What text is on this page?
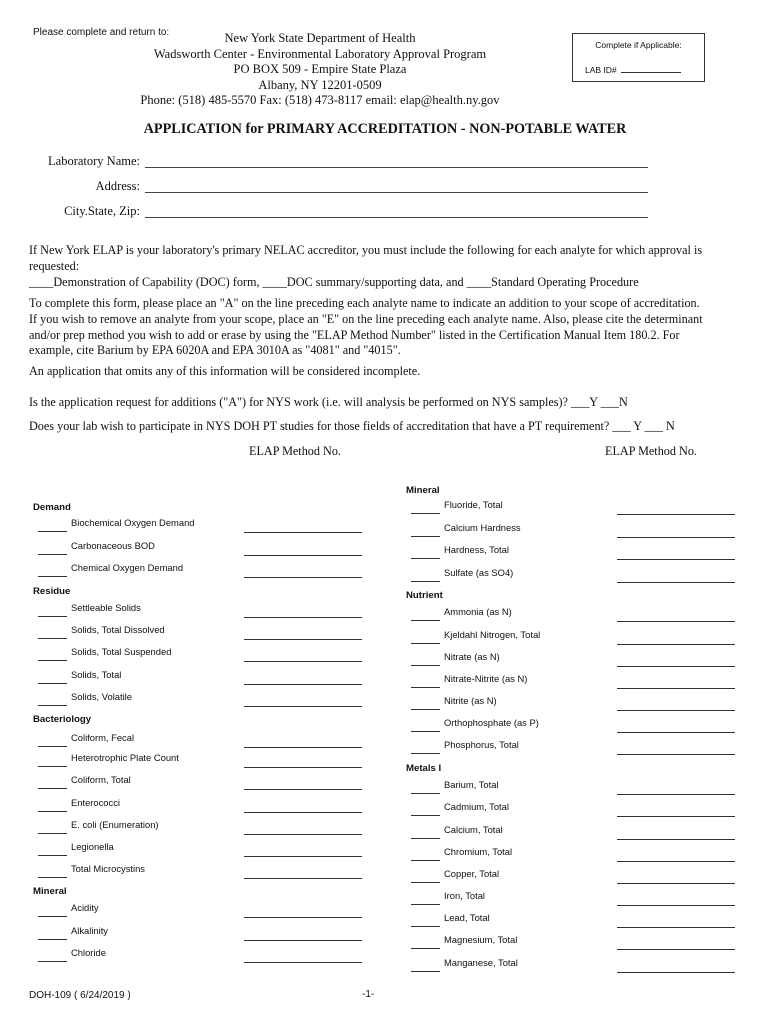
Please complete and return to:	New York State Department of Health
Wadsworth Center - Environmental Laboratory Approval Program
PO BOX 509 - Empire State Plaza
Albany, NY 12201-0509
Phone: (518) 485-5570 Fax: (518) 473-8117 email: elap@health.ny.gov
Complete if Applicable:
LAB ID#
APPLICATION for PRIMARY ACCREDITATION - NON-POTABLE WATER
Laboratory Name:
Address:
City.State, Zip:
If New York ELAP is your laboratory's primary NELAC accreditor, you must include the following for each analyte for which approval is
requested:
____Demonstration of Capability (DOC) form, ____DOC summary/supporting data, and ____Standard Operating Procedure
To complete this form, please place an "A" on the line preceding each analyte name to indicate an addition to your scope of accreditation.
If you wish to remove an analyte from your scope, place an "E" on the line preceding each analyte name. Also, please cite the determinant
and/or prep method you wish to add or erase by using the "ELAP Method Number" listed in the Certification Manual Item 180.2. For
example, cite Barium by EPA 6020A and EPA 3010A as "4081" and "4015".
An application that omits any of this information will be considered incomplete.
Is the application request for additions ("A") for NYS work (i.e. will analysis be performed on NYS samples)? ___Y ___N
Does your lab wish to participate in NYS DOH PT studies for those fields of accreditation that have a PT requirement? ___ Y ___ N
ELAP Method No.	ELAP Method No.
Demand
Biochemical Oxygen Demand
Carbonaceous BOD
Chemical Oxygen Demand
Residue
Settleable Solids
Solids, Total Dissolved
Solids, Total Suspended
Solids, Total
Solids, Volatile
Bacteriology
Coliform, Fecal
Heterotrophic Plate Count
Coliform, Total
Enterococci
E. coli (Enumeration)
Legionella
Total Microcystins
Mineral
Acidity
Alkalinity
Chloride
Mineral
Fluoride, Total
Calcium Hardness
Hardness, Total
Sulfate (as SO4)
Nutrient
Ammonia (as N)
Kjeldahl Nitrogen, Total
Nitrate (as N)
Nitrate-Nitrite (as N)
Nitrite (as N)
Orthophosphate (as P)
Phosphorus, Total
Metals I
Barium, Total
Cadmium, Total
Calcium, Total
Chromium, Total
Copper, Total
Iron, Total
Lead, Total
Magnesium, Total
Manganese, Total
DOH-109 ( 6/24/2019 )	-1-
